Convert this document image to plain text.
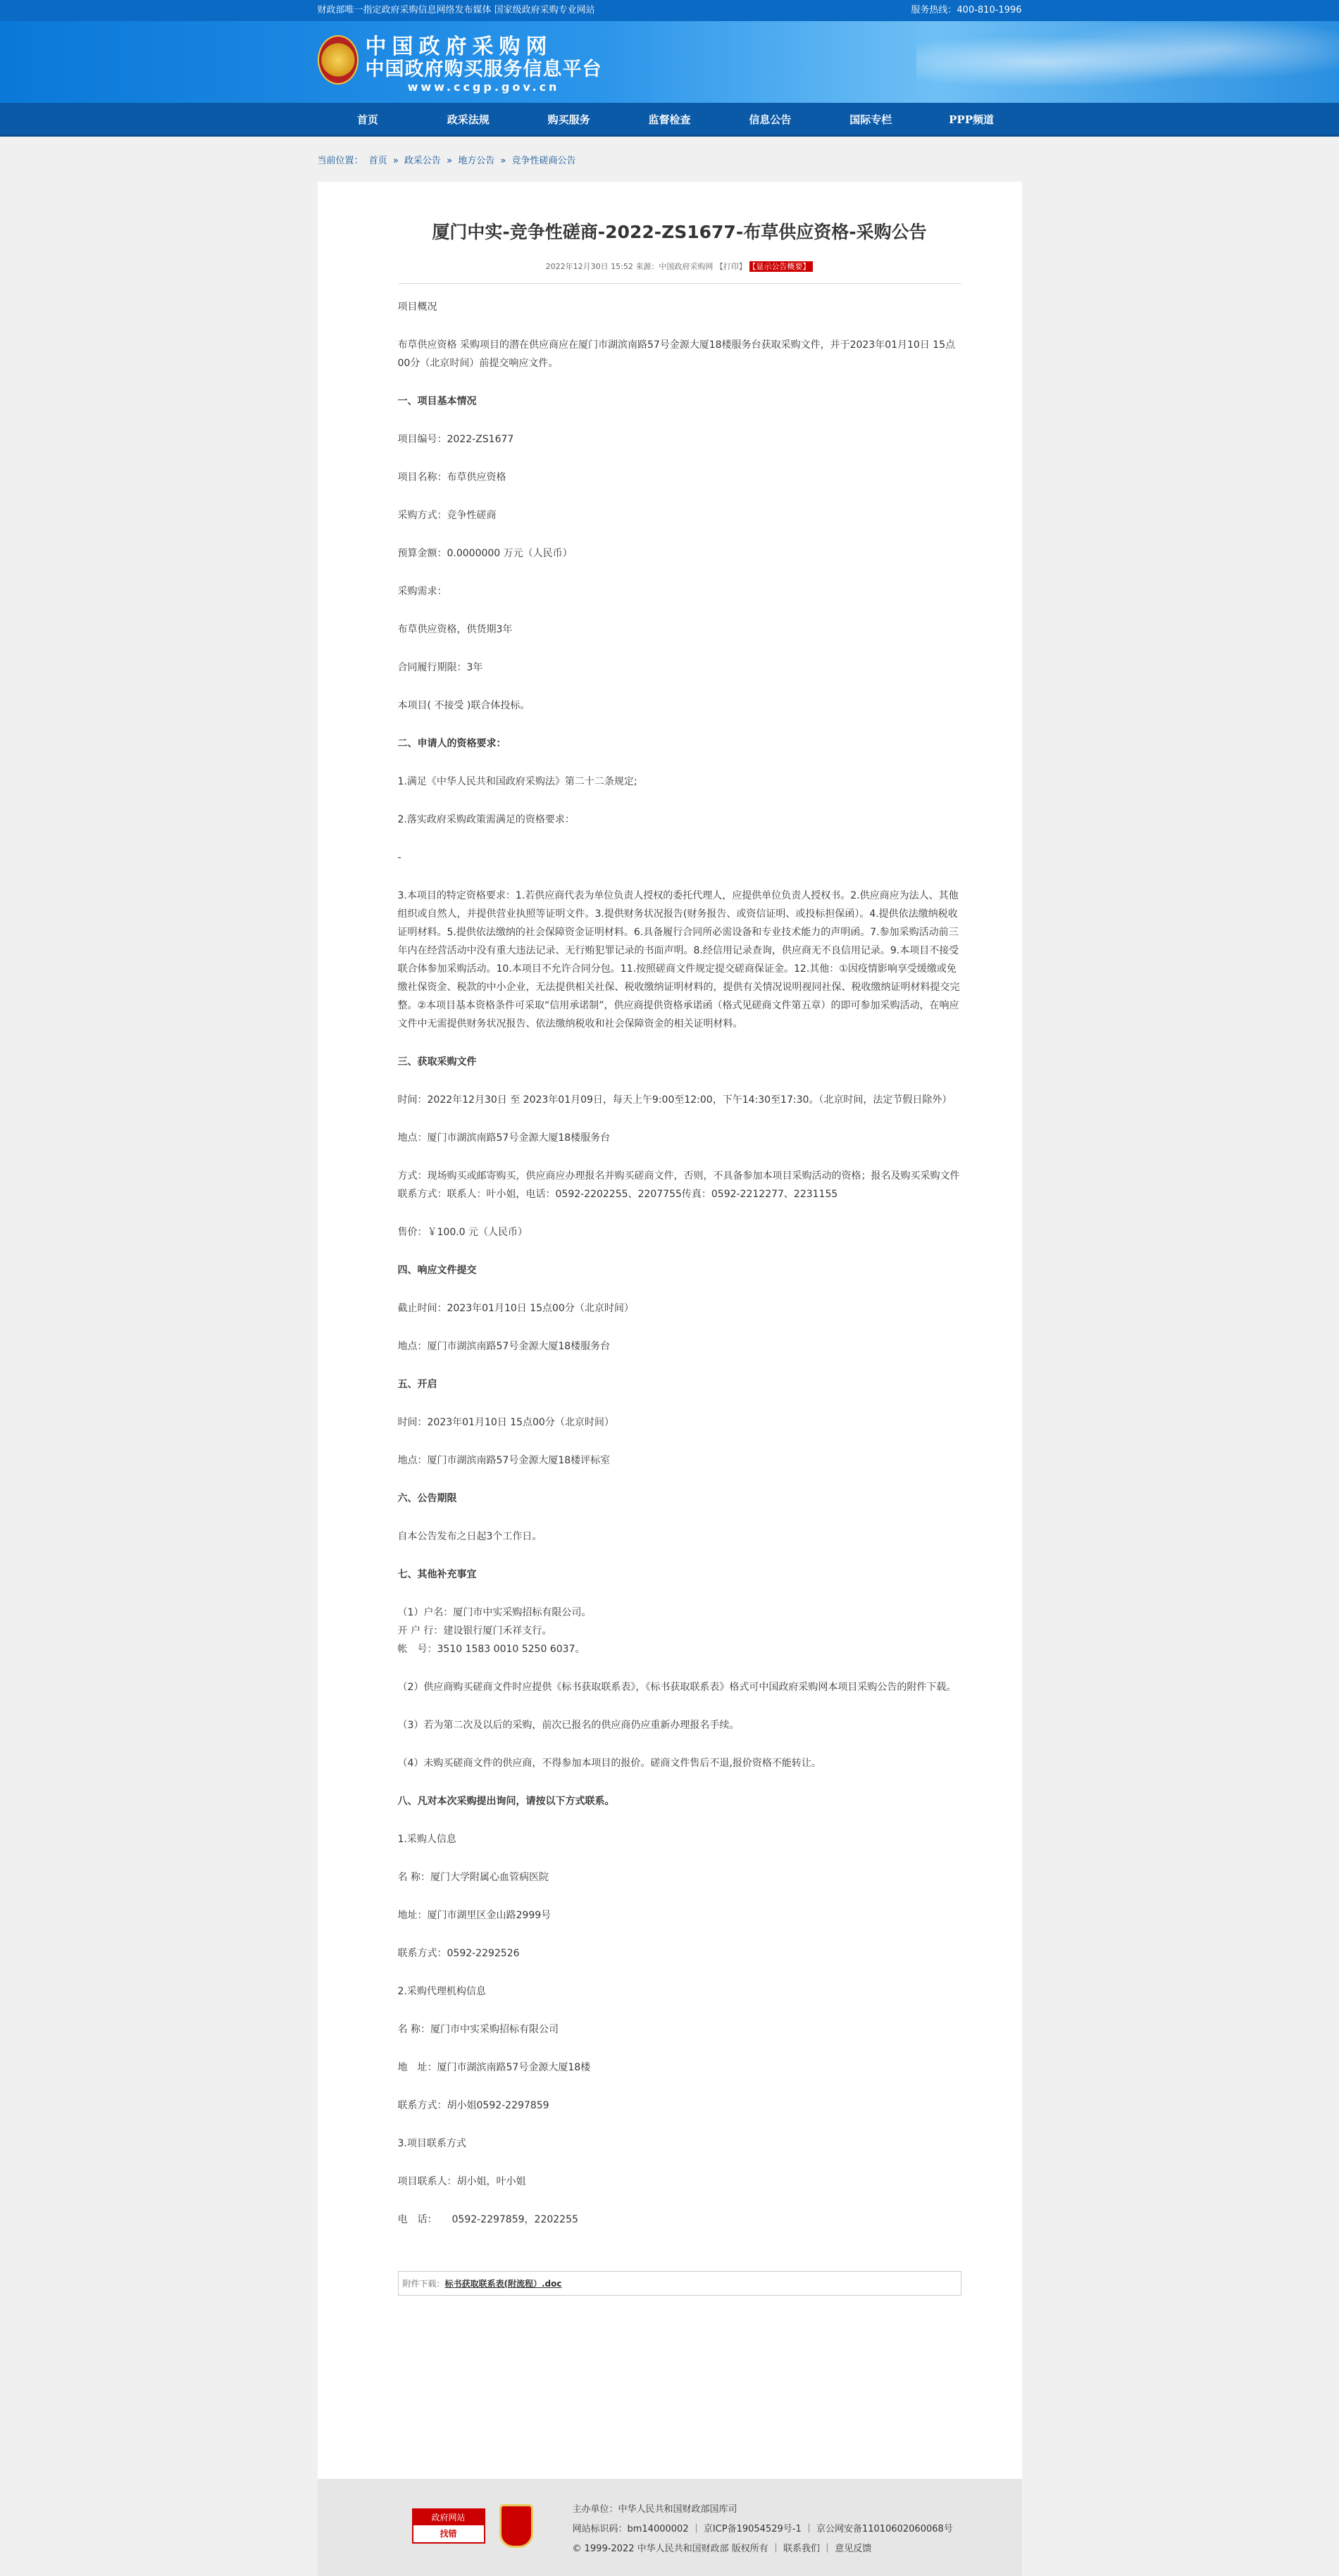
财政部唯一指定政府采购信息网络发布媒体 国家级政府采购专业网站	服务热线：400-810-1996
中国政府采购网
中国政府购买服务信息平台
www.ccgp.gov.cn
首页	政采法规	购买服务	监督检查	信息公告	国际专栏	PPP频道
当前位置： 首页 » 政采公告 » 地方公告 » 竞争性磋商公告
厦门中实-竞争性磋商-2022-ZS1677-布草供应资格-采购公告
2022年12月30日 15:52 来源：中国政府采购网 【打印】 【显示公告概要】

项目概况

布草供应资格 采购项目的潜在供应商应在厦门市湖滨南路57号金源大厦18楼服务台获取采购文件，并于2023年01月10日 15点00分（北京时间）前提交响应文件。

一、项目基本情况

项目编号：2022-ZS1677

项目名称：布草供应资格

采购方式：竞争性磋商

预算金额：0.0000000 万元（人民币）

采购需求：

布草供应资格，供货期3年

合同履行期限：3年

本项目( 不接受 )联合体投标。

二、申请人的资格要求：

1.满足《中华人民共和国政府采购法》第二十二条规定;

2.落实政府采购政策需满足的资格要求：

-

3.本项目的特定资格要求：1.若供应商代表为单位负责人授权的委托代理人，应提供单位负责人授权书。2.供应商应为法人、其他组织或自然人，并提供营业执照等证明文件。3.提供财务状况报告(财务报告、或资信证明、或投标担保函）。4.提供依法缴纳税收证明材料。5.提供依法缴纳的社会保障资金证明材料。6.具备履行合同所必需设备和专业技术能力的声明函。7.参加采购活动前三年内在经营活动中没有重大违法记录、无行贿犯罪记录的书面声明。8.经信用记录查询，供应商无不良信用记录。9.本项目不接受联合体参加采购活动。10.本项目不允许合同分包。11.按照磋商文件规定提交磋商保证金。12.其他：①因疫情影响享受缓缴或免缴社保资金、税款的中小企业，无法提供相关社保、税收缴纳证明材料的，提供有关情况说明视同社保、税收缴纳证明材料提交完整。②本项目基本资格条件可采取“信用承诺制”，供应商提供资格承诺函（格式见磋商文件第五章）的即可参加采购活动，在响应文件中无需提供财务状况报告、依法缴纳税收和社会保障资金的相关证明材料。

三、获取采购文件

时间：2022年12月30日 至 2023年01月09日，每天上午9:00至12:00，下午14:30至17:30。（北京时间，法定节假日除外）

地点：厦门市湖滨南路57号金源大厦18楼服务台

方式：现场购买或邮寄购买，供应商应办理报名并购买磋商文件，否则，不具备参加本项目采购活动的资格；报名及购买采购文件联系方式：联系人：叶小姐，电话：0592-2202255、2207755传真：0592-2212277、2231155

售价：￥100.0 元（人民币）

四、响应文件提交

截止时间：2023年01月10日 15点00分（北京时间）

地点：厦门市湖滨南路57号金源大厦18楼服务台

五、开启

时间：2023年01月10日 15点00分（北京时间）

地点：厦门市湖滨南路57号金源大厦18楼评标室

六、公告期限

自本公告发布之日起3个工作日。

七、其他补充事宜

（1）户名：厦门市中实采购招标有限公司。

开 户 行：建设银行厦门禾祥支行。

帐　号：3510 1583 0010 5250 6037。

（2）供应商购买磋商文件时应提供《标书获取联系表》，《标书获取联系表》格式可中国政府采购网本项目采购公告的附件下载。

（3）若为第二次及以后的采购，前次已报名的供应商仍应重新办理报名手续。

（4）未购买磋商文件的供应商，不得参加本项目的报价。磋商文件售后不退,报价资格不能转让。

八、凡对本次采购提出询问，请按以下方式联系。

1.采购人信息

名 称：厦门大学附属心血管病医院

地址：厦门市湖里区金山路2999号

联系方式：0592-2292526

2.采购代理机构信息

名 称：厦门市中实采购招标有限公司

地　址：厦门市湖滨南路57号金源大厦18楼

联系方式：胡小姐0592-2297859

3.项目联系方式

项目联系人：胡小姐，叶小姐

电　话：　　0592-2297859，2202255

附件下载：标书获取联系表(附流程）.doc
政府网站
找错
主办单位：中华人民共和国财政部国库司
网站标识码：bm14000002 ｜ 京ICP备19054529号-1 ｜ 京公网安备11010602060068号
© 1999-2022 中华人民共和国财政部 版权所有 ｜ 联系我们 ｜ 意见反馈
